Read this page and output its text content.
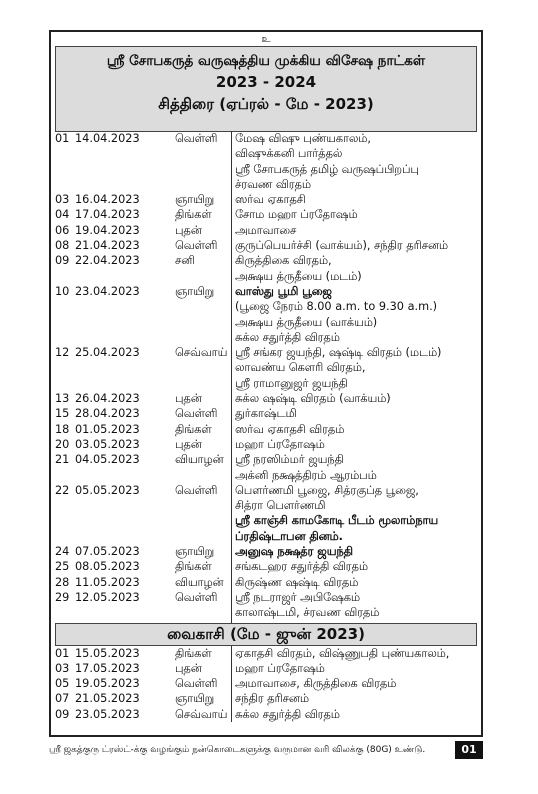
உ
ஸ்ரீ சோபகருத் வருஷத்திய முக்கிய விசேஷ நாட்கள்
2023 - 2024
சித்திரை (ஏப்ரல் - மே - 2023)
01 14.04.2023	வெள்ளி மேஷ விஷு புண்யகாலம்,
விஷுக்கனி பார்த்தல்
ஸ்ரீ சோபகருத் தமிழ் வருஷப்பிறப்பு
ச்ரவண விரதம்
03 16.04.2023	ஞாயிறு ஸர்வ ஏகாதசி
04 17.04.2023	திங்கள் சோம மஹா ப்ரதோஷம்
06 19.04.2023	புதன்	அமாவாசை
08 21.04.2023	வெள்ளி குருப்பெயர்ச்சி (வாக்யம்), சந்திர தரிசனம்
09 22.04.2023	சனி	கிருத்திகை விரதம்,
அக்ஷய த்ருதீயை (மடம்)
10 23.04.2023	ஞாயிறு வாஸ்து பூமி பூஜை
(பூஜை நேரம் 8.00 a.m. to 9.30 a.m.)
அக்ஷய த்ருதீயை (வாக்யம்)
சுக்ல சதுர்த்தி விரதம்
12 25.04.2023	செவ்வாய் ஸ்ரீ சங்கர ஜயந்தி, ஷஷ்டி விரதம் (மடம்)
லாவண்ய கௌரி விரதம்,
ஸ்ரீ ராமானுஜர் ஜயந்தி
13 26.04.2023	புதன்	சுக்ல ஷஷ்டி விரதம் (வாக்யம்)
15 28.04.2023	வெள்ளி துர்காஷ்டமி
18 01.05.2023	திங்கள் ஸர்வ ஏகாதசி விரதம்
20 03.05.2023	புதன்	மஹா ப்ரதோஷம்
21 04.05.2023	வியாழன் ஸ்ரீ நரஸிம்மர் ஜயந்தி
அக்னி நக்ஷத்திரம் ஆரம்பம்
22 05.05.2023	வெள்ளி பௌர்ணமி பூஜை, சித்ரகுப்த பூஜை,
சித்ரா பௌர்ணமி
ஸ்ரீ காஞ்சி காமகோடி பீடம் மூலாம்நாய
ப்ரதிஷ்டாபன தினம்.
24 07.05.2023	ஞாயிறு அனுஷ நக்ஷத்ர ஜயந்தி
25 08.05.2023	திங்கள் சங்கடஹர சதுர்த்தி விரதம்
28 11.05.2023	வியாழன் கிருஷ்ண ஷஷ்டி விரதம்
29 12.05.2023	வெள்ளி ஸ்ரீ நடராஜர் அபிஷேகம்
காலாஷ்டமி, ச்ரவண விரதம்
வைகாசி (மே - ஜுன் 2023)
01 15.05.2023	திங்கள் ஏகாதசி விரதம், விஷ்ணுபதி புண்யகாலம்,
03 17.05.2023	புதன்	மஹா ப்ரதோஷம்
05 19.05.2023	வெள்ளி அமாவாசை, கிருத்திகை விரதம்
07 21.05.2023	ஞாயிறு சந்திர தரிசனம்
09 23.05.2023	செவ்வாய் சுக்ல சதுர்த்தி விரதம்
ஸ்ரீ ஜகத்குரு ட்ரஸ்ட்-க்கு வழங்கும் நன்கொடைகளுக்கு வருமான வரி விலக்கு (80G) உண்டு.	01
